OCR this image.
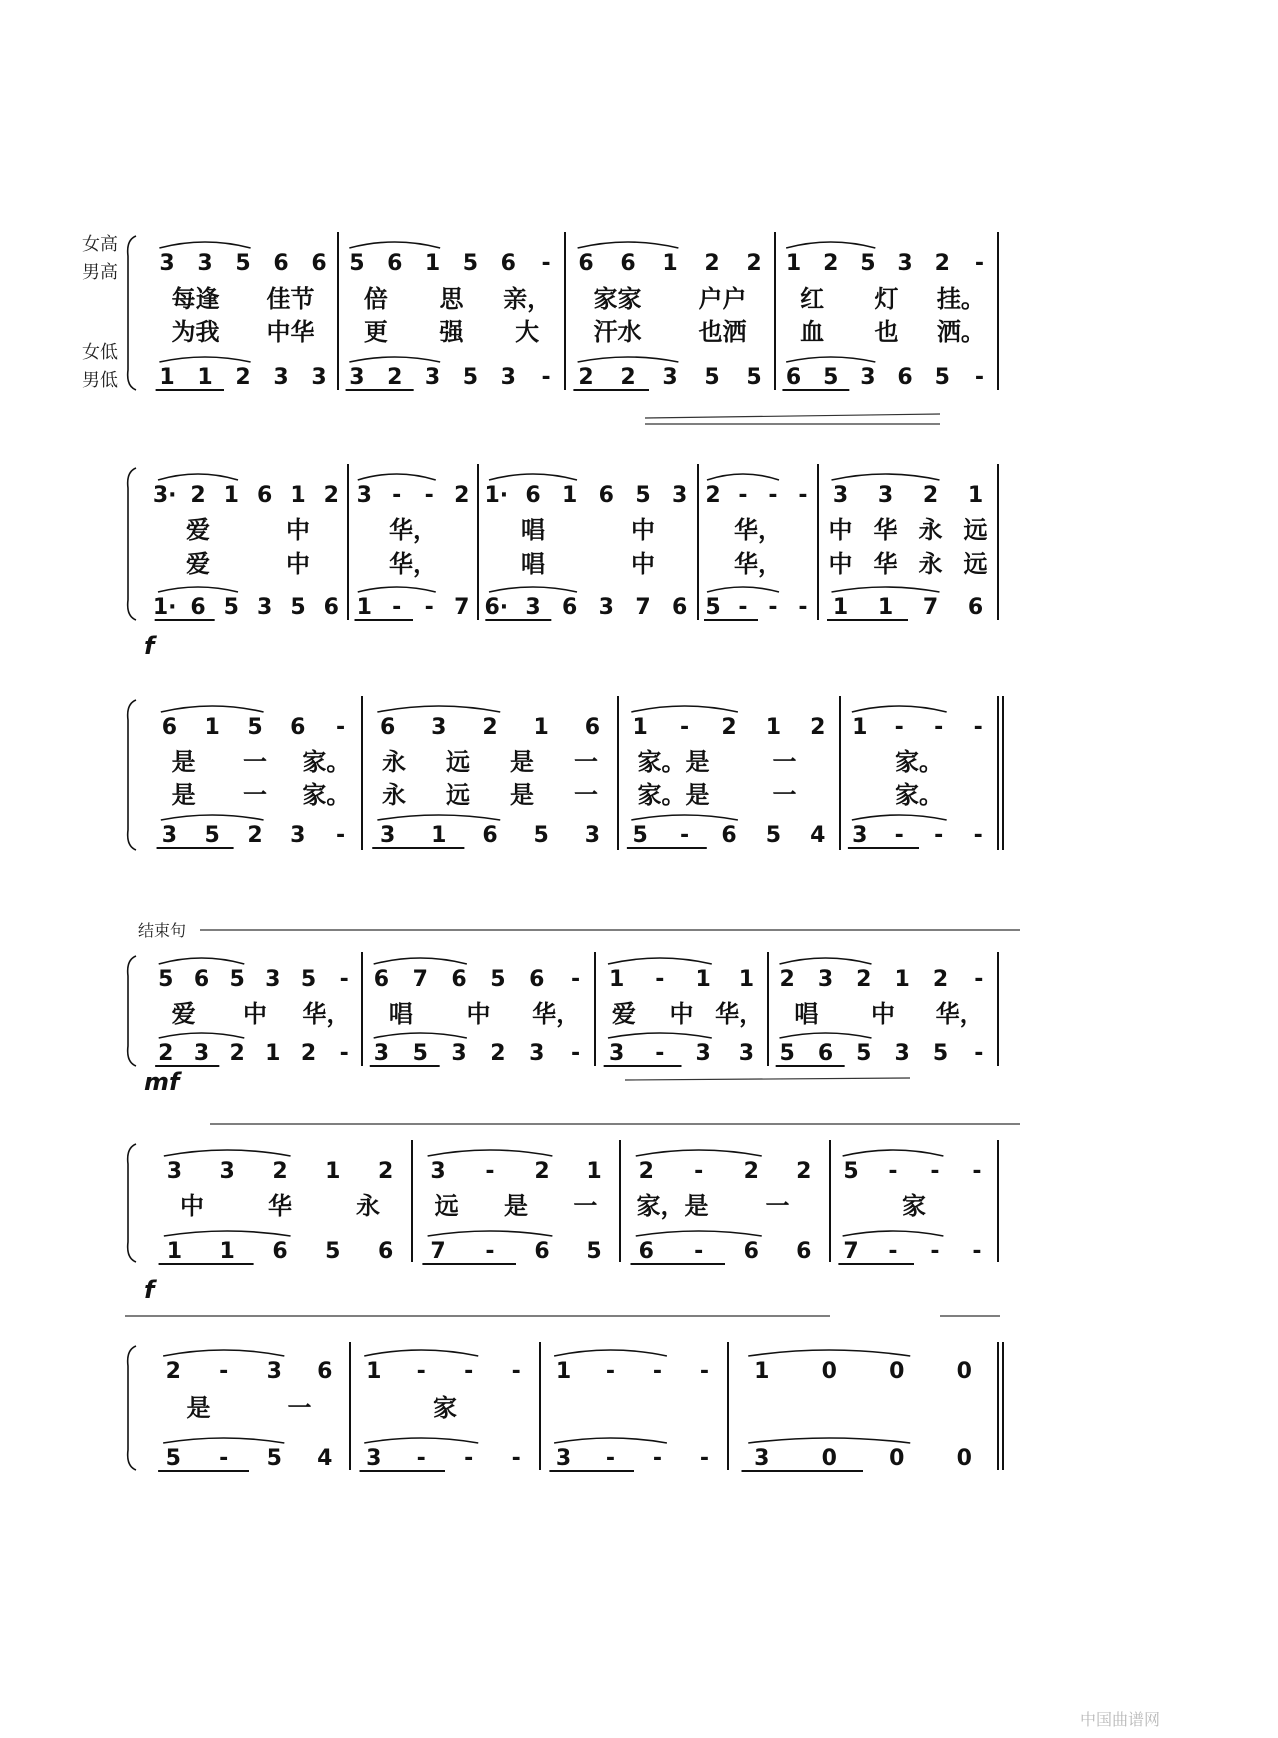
3 3 5 6 6
每逢 佳节
为我 中华
1 1 2 3 3
5 6 1 5 6 -
倍 思 亲，
更 强 大
3 2 3 5 3 -
6 6 1 2 2
家家 户户
汗水 也洒
2 2 3 5 5
1 2 5 3 2 -
红 灯 挂。
血 也 洒。
6 5 3 6 5 -
3· 2 1 6 1 2
爱	中
爱	中
1· 6 5 3 5 6
3 - - 2
华，
华，
1 - - 7
1· 6 1 6 5 3
唱	中
唱	中
6· 3 6 3 7 6
2 - - -
华，
华，
5 - - -
3 3 2 1
中 华 永 远
中 华 永 远
1 1 7 6
6 1 5 6 -
是 一 家。
是 一 家。
3 5 2 3 -
6 3 2 1 6
永 远 是 一
永 远 是 一
3 1 6 5 3
1 - 2 1 2
家。是	一
家。是	一
5 - 6 5 4
1 - - -
家。
家。
3 - - -
5 6 5 3 5 -
爱 中 华，
2 3 2 1 2 -
6 7 6 5 6 -
唱 中 华，
3 5 3 2 3 -
1 - 1 1
爱 中 华，
3 - 3 3
2 3 2 1 2 -
唱 中 华，
5 6 5 3 5 -
3 3 2 1 2
中	华	永
1 1 6 5 6
3 - 2 1
远 是 一
7 - 6 5
2 - 2 2
家，是 一
6 - 6 6
5 - - -
家
7 - - -
2 - 3 6
是	一
5 - 5 4
1 - - -
家
3 - - -
1 - - -
3 - - -
1 0 0 0
3 0 0 0
女高
男高
女低
男低
结束句
f
mf
f
中国曲谱网
